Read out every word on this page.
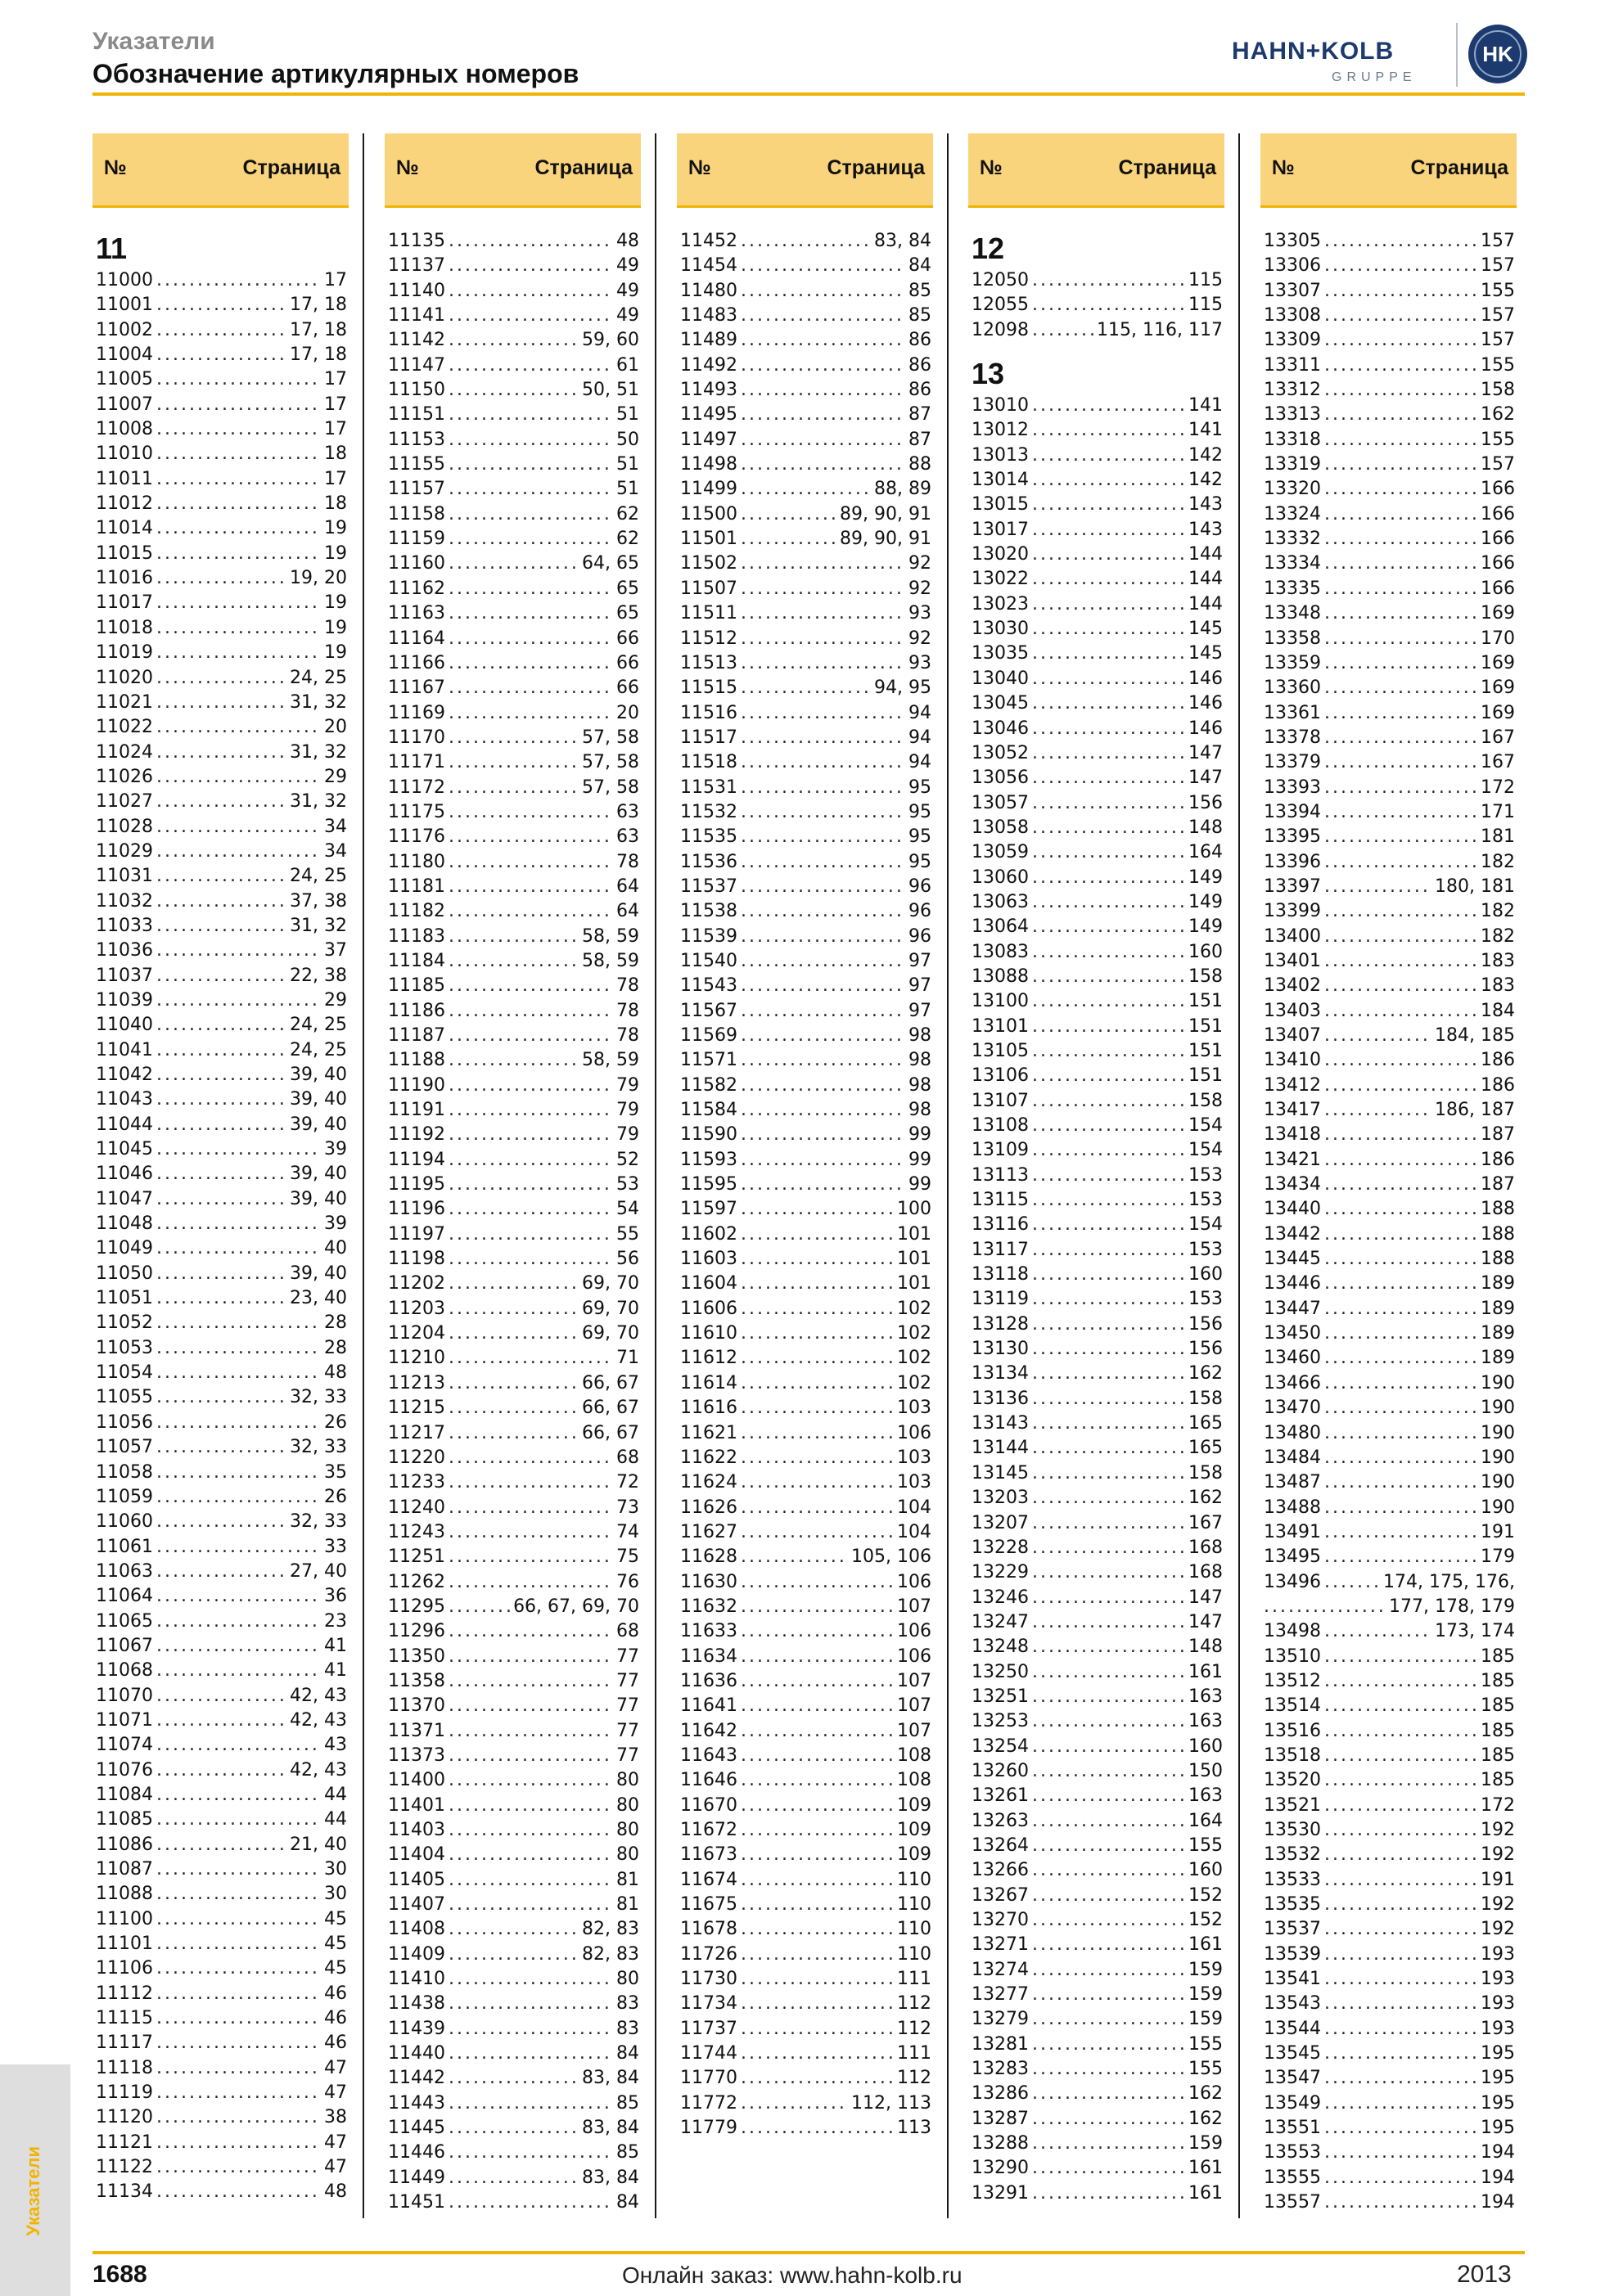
Указатели
Обозначение артикулярных номеров
HAHN+KOLB
GRUPPE
HK
№	Страница
11
11000 .....	17
11001 .....	17, 18
11002 .....	17, 18
11004 .....	17, 18
11005 .....	17
11007 .....	17
11008 .....	17
11010 .....	18
11011 .....	17
11012 .....	18
11014 .....	19
11015 .....	19
11016 .....	19, 20
11017 .....	19
11018 .....	19
11019 .....	19
11020 .....	24, 25
11021 .....	31, 32
11022 .....	20
11024 .....	31, 32
11026 .....	29
11027 .....	31, 32
11028 .....	34
11029 .....	34
11031 .....	24, 25
11032 .....	37, 38
11033 .....	31, 32
11036 .....	37
11037 .....	22, 38
11039 .....	29
11040 .....	24, 25
11041 .....	24, 25
11042 .....	39, 40
11043 .....	39, 40
11044 .....	39, 40
11045 .....	39
11046 .....	39, 40
11047 .....	39, 40
11048 .....	39
11049 .....	40
11050 .....	39, 40
11051 .....	23, 40
11052 .....	28
11053 .....	28
11054 .....	48
11055 .....	32, 33
11056 .....	26
11057 .....	32, 33
11058 .....	35
11059 .....	26
11060 .....	32, 33
11061 .....	33
11063 .....	27, 40
11064 .....	36
11065 .....	23
11067 .....	41
11068 .....	41
11070 .....	42, 43
11071 .....	42, 43
11074 .....	43
11076 .....	42, 43
11084 .....	44
11085 .....	44
11086 .....	21, 40
11087 .....	30
11088 .....	30
11100 .....	45
11101 .....	45
11106 .....	45
11112 .....	46
11115 .....	46
11117 .....	46
11118 .....	47
11119 .....	47
11120 .....	38
11121 .....	47
11122 .....	47
11134 .....	48
№	Страница
11135 .....	48
11137 .....	49
11140 .....	49
11141 .....	49
11142 .....	59, 60
11147 .....	61
11150 .....	50, 51
11151 .....	51
11153 .....	50
11155 .....	51
11157 .....	51
11158 .....	62
11159 .....	62
11160 .....	64, 65
11162 .....	65
11163 .....	65
11164 .....	66
11166 .....	66
11167 .....	66
11169 .....	20
11170 .....	57, 58
11171 .....	57, 58
11172 .....	57, 58
11175 .....	63
11176 .....	63
11180 .....	78
11181 .....	64
11182 .....	64
11183 .....	58, 59
11184 .....	58, 59
11185 .....	78
11186 .....	78
11187 .....	78
11188 .....	58, 59
11190 .....	79
11191 .....	79
11192 .....	79
11194 .....	52
11195 .....	53
11196 .....	54
11197 .....	55
11198 .....	56
11202 .....	69, 70
11203 .....	69, 70
11204 .....	69, 70
11210 .....	71
11213 .....	66, 67
11215 .....	66, 67
11217 .....	66, 67
11220 .....	68
11233 .....	72
11240 .....	73
11243 .....	74
11251 .....	75
11262 .....	76
11295 .....	66, 67, 69, 70
11296 .....	68
11350 .....	77
11358 .....	77
11370 .....	77
11371 .....	77
11373 .....	77
11400 .....	80
11401 .....	80
11403 .....	80
11404 .....	80
11405 .....	81
11407 .....	81
11408 .....	82, 83
11409 .....	82, 83
11410 .....	80
11438 .....	83
11439 .....	83
11440 .....	84
11442 .....	83, 84
11443 .....	85
11445 .....	83, 84
11446 .....	85
11449 .....	83, 84
11451 .....	84
№	Страница
11452 .....	83, 84
11454 .....	84
11480 .....	85
11483 .....	85
11489 .....	86
11492 .....	86
11493 .....	86
11495 .....	87
11497 .....	87
11498 .....	88
11499 .....	88, 89
11500 .....	89, 90, 91
11501 .....	89, 90, 91
11502 .....	92
11507 .....	92
11511 .....	93
11512 .....	92
11513 .....	93
11515 .....	94, 95
11516 .....	94
11517 .....	94
11518 .....	94
11531 .....	95
11532 .....	95
11535 .....	95
11536 .....	95
11537 .....	96
11538 .....	96
11539 .....	96
11540 .....	97
11543 .....	97
11567 .....	97
11569 .....	98
11571 .....	98
11582 .....	98
11584 .....	98
11590 .....	99
11593 .....	99
11595 .....	99
11597 .....	100
11602 .....	101
11603 .....	101
11604 .....	101
11606 .....	102
11610 .....	102
11612 .....	102
11614 .....	102
11616 .....	103
11621 .....	106
11622 .....	103
11624 .....	103
11626 .....	104
11627 .....	104
11628 .....	105, 106
11630 .....	106
11632 .....	107
11633 .....	106
11634 .....	106
11636 .....	107
11641 .....	107
11642 .....	107
11643 .....	108
11646 .....	108
11670 .....	109
11672 .....	109
11673 .....	109
11674 .....	110
11675 .....	110
11678 .....	110
11726 .....	110
11730 .....	111
11734 .....	112
11737 .....	112
11744 .....	111
11770 .....	112
11772 .....	112, 113
11779 .....	113
№	Страница
12
12050 .....	115
12055 .....	115
12098 .....	115, 116, 117
13
13010 .....	141
13012 .....	141
13013 .....	142
13014 .....	142
13015 .....	143
13017 .....	143
13020 .....	144
13022 .....	144
13023 .....	144
13030 .....	145
13035 .....	145
13040 .....	146
13045 .....	146
13046 .....	146
13052 .....	147
13056 .....	147
13057 .....	156
13058 .....	148
13059 .....	164
13060 .....	149
13063 .....	149
13064 .....	149
13083 .....	160
13088 .....	158
13100 .....	151
13101 .....	151
13105 .....	151
13106 .....	151
13107 .....	158
13108 .....	154
13109 .....	154
13113 .....	153
13115 .....	153
13116 .....	154
13117 .....	153
13118 .....	160
13119 .....	153
13128 .....	156
13130 .....	156
13134 .....	162
13136 .....	158
13143 .....	165
13144 .....	165
13145 .....	158
13203 .....	162
13207 .....	167
13228 .....	168
13229 .....	168
13246 .....	147
13247 .....	147
13248 .....	148
13250 .....	161
13251 .....	163
13253 .....	163
13254 .....	160
13260 .....	150
13261 .....	163
13263 .....	164
13264 .....	155
13266 .....	160
13267 .....	152
13270 .....	152
13271 .....	161
13274 .....	159
13277 .....	159
13279 .....	159
13281 .....	155
13283 .....	155
13286 .....	162
13287 .....	162
13288 .....	159
13290 .....	161
13291 .....	161
№	Страница
13305 .....	157
13306 .....	157
13307 .....	155
13308 .....	157
13309 .....	157
13311 .....	155
13312 .....	158
13313 .....	162
13318 .....	155
13319 .....	157
13320 .....	166
13324 .....	166
13332 .....	166
13334 .....	166
13335 .....	166
13348 .....	169
13358 .....	170
13359 .....	169
13360 .....	169
13361 .....	169
13378 .....	167
13379 .....	167
13393 .....	172
13394 .....	171
13395 .....	181
13396 .....	182
13397 .....	180, 181
13399 .....	182
13400 .....	182
13401 .....	183
13402 .....	183
13403 .....	184
13407 .....	184, 185
13410 .....	186
13412 .....	186
13417 .....	186, 187
13418 .....	187
13421 .....	186
13434 .....	187
13440 .....	188
13442 .....	188
13445 .....	188
13446 .....	189
13447 .....	189
13450 .....	189
13460 .....	189
13466 .....	190
13470 .....	190
13480 .....	190
13484 .....	190
13487 .....	190
13488 .....	190
13491 .....	191
13495 .....	179
13496 .....	174, 175, 176,
.....
177, 178, 179
13498 .....	173, 174
13510 .....	185
13512 .....	185
13514 .....	185
13516 .....	185
13518 .....	185
13520 .....	185
13521 .....	172
13530 .....	192
13532 .....	192
13533 .....	191
13535 .....	192
13537 .....	192
13539 .....	193
13541 .....	193
13543 .....	193
13544 .....	193
13545 .....	195
13547 .....	195
13549 .....	195
13551 .....	195
13553 .....	194
13555 .....	194
13557 .....	194
Указатели
1688	Онлайн заказ: www.hahn-kolb.ru	2013
